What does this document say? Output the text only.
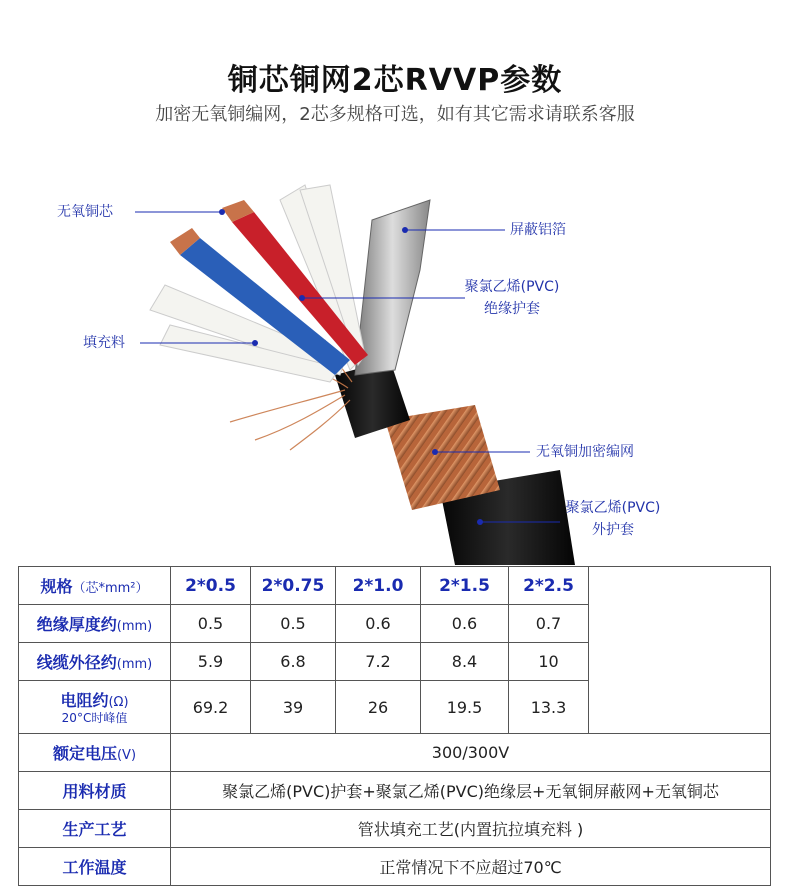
铜芯铜网2芯RVVP参数
加密无氧铜编网，2芯多规格可选，如有其它需求请联系客服
无氧铜芯
屏蔽铝箔
聚氯乙烯(PVC)
绝缘护套
填充料
无氧铜加密编网
聚氯乙烯(PVC)
外护套
规格（芯*mm²）	2*0.5	2*0.75	2*1.0	2*1.5	2*2.5	
绝缘厚度约(mm)	0.5	0.5	0.6	0.6	0.7	
线缆外径约(mm)	5.9	6.8	7.2	8.4	10	
电阻约(Ω)
20°C时峰值	69.2	39	26	19.5	13.3	
额定电压(V)	300/300V					
用料材质	聚氯乙烯(PVC)护套+聚氯乙烯(PVC)绝缘层+无氧铜屏蔽网+无氧铜芯					
生产工艺	管状填充工艺(内置抗拉填充料 )					
工作温度	正常情况下不应超过70℃					
